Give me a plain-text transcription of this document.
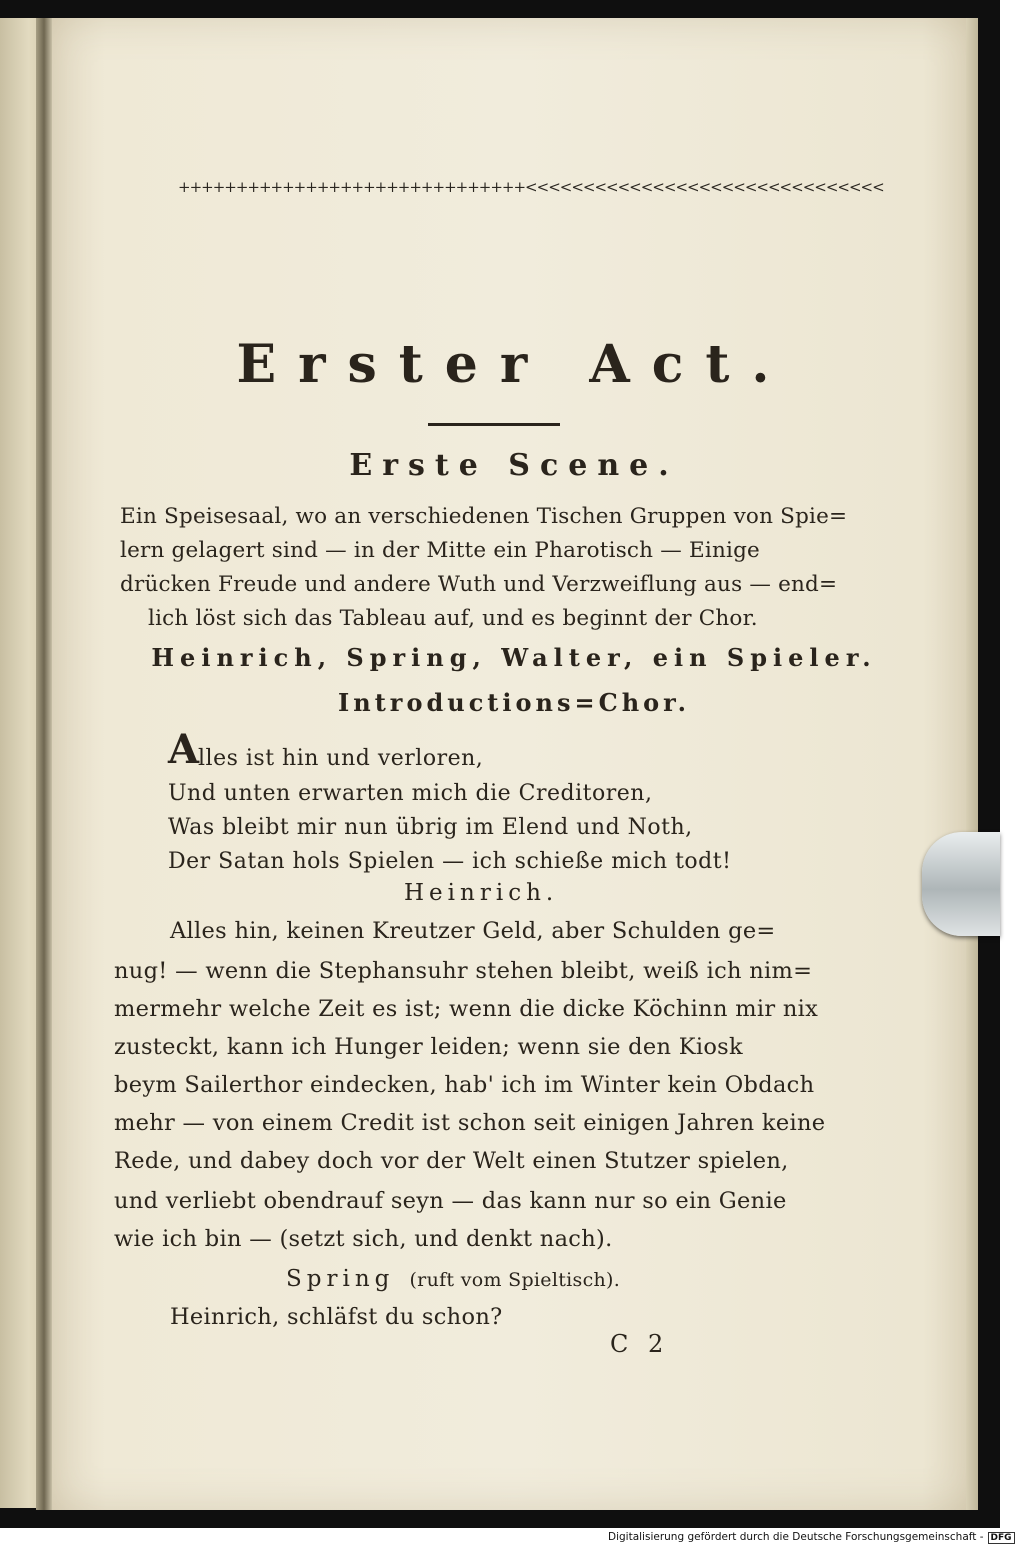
++++++++++++++++++++++++++++++<<<<<<<<<<<<<<<<<<<<<<<<<<<<<<<
Erster Act.
Erste Scene.
Ein Speisesaal, wo an verschiedenen Tischen Gruppen von Spie=
lern gelagert sind — in der Mitte ein Pharotisch — Einige
drücken Freude und andere Wuth und Verzweiflung aus — end=
lich löst sich das Tableau auf, und es beginnt der Chor.
Heinrich, Spring, Walter, ein Spieler.
Introductions=Chor.
A
lles ist hin und verloren,
Und unten erwarten mich die Creditoren,
Was bleibt mir nun übrig im Elend und Noth,
Der Satan hols Spielen — ich schieße mich todt!
Heinrich.
Alles hin, keinen Kreutzer Geld, aber Schulden ge=
nug! — wenn die Stephansuhr stehen bleibt, weiß ich nim=
mermehr welche Zeit es ist; wenn die dicke Köchinn mir nix
zusteckt, kann ich Hunger leiden; wenn sie den Kiosk
beym Sailerthor eindecken, hab' ich im Winter kein Obdach
mehr — von einem Credit ist schon seit einigen Jahren keine
Rede, und dabey doch vor der Welt einen Stutzer spielen,
und verliebt obendrauf seyn — das kann nur so ein Genie
wie ich bin — (setzt sich, und denkt nach).
Spring (ruft vom Spieltisch).
Heinrich, schläfst du schon?
C 2
Digitalisierung gefördert durch die Deutsche Forschungsgemeinschaft - DFG
